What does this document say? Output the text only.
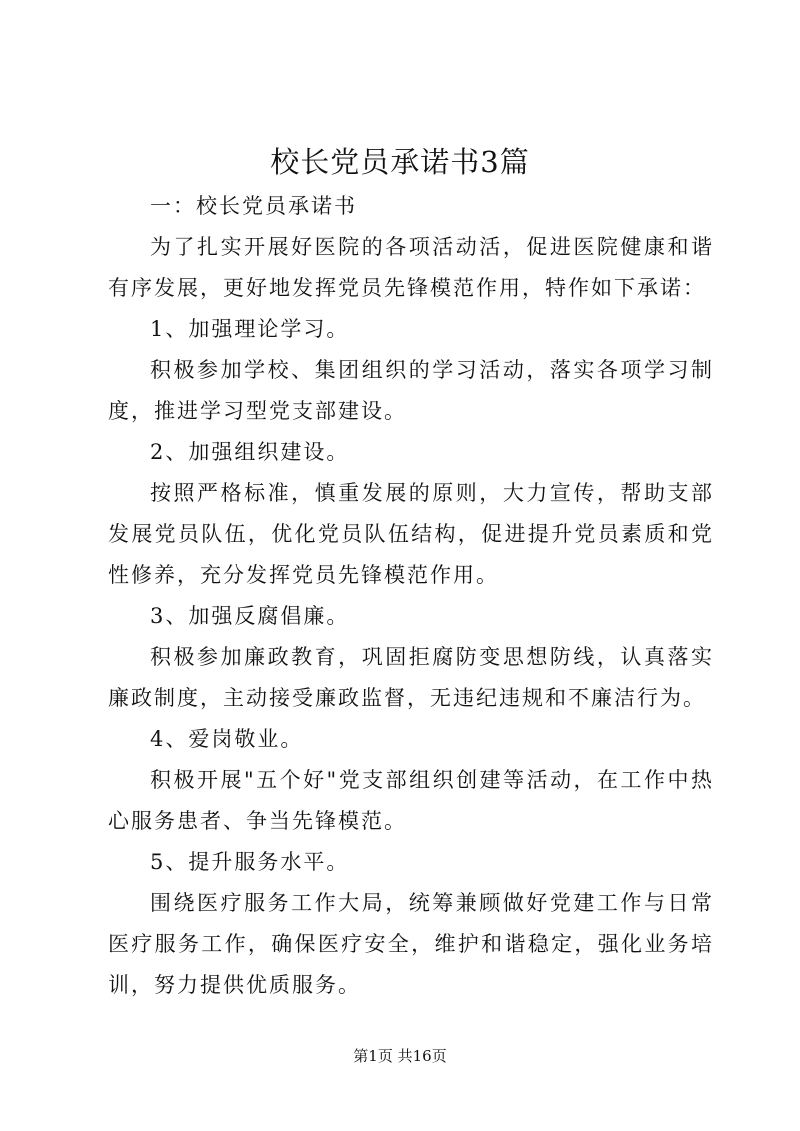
校长党员承诺书3篇

一：校长党员承诺书

为了扎实开展好医院的各项活动活，促进医院健康和谐有序发展，更好地发挥党员先锋模范作用，特作如下承诺：

1、加强理论学习。

积极参加学校、集团组织的学习活动，落实各项学习制度，推进学习型党支部建设。

2、加强组织建设。

按照严格标准，慎重发展的原则，大力宣传，帮助支部发展党员队伍，优化党员队伍结构，促进提升党员素质和党性修养，充分发挥党员先锋模范作用。

3、加强反腐倡廉。

积极参加廉政教育，巩固拒腐防变思想防线，认真落实廉政制度，主动接受廉政监督，无违纪违规和不廉洁行为。

4、爱岗敬业。

积极开展"五个好"党支部组织创建等活动，在工作中热心服务患者、争当先锋模范。

5、提升服务水平。

围绕医疗服务工作大局，统筹兼顾做好党建工作与日常医疗服务工作，确保医疗安全，维护和谐稳定，强化业务培训，努力提供优质服务。

第1页 共16页
